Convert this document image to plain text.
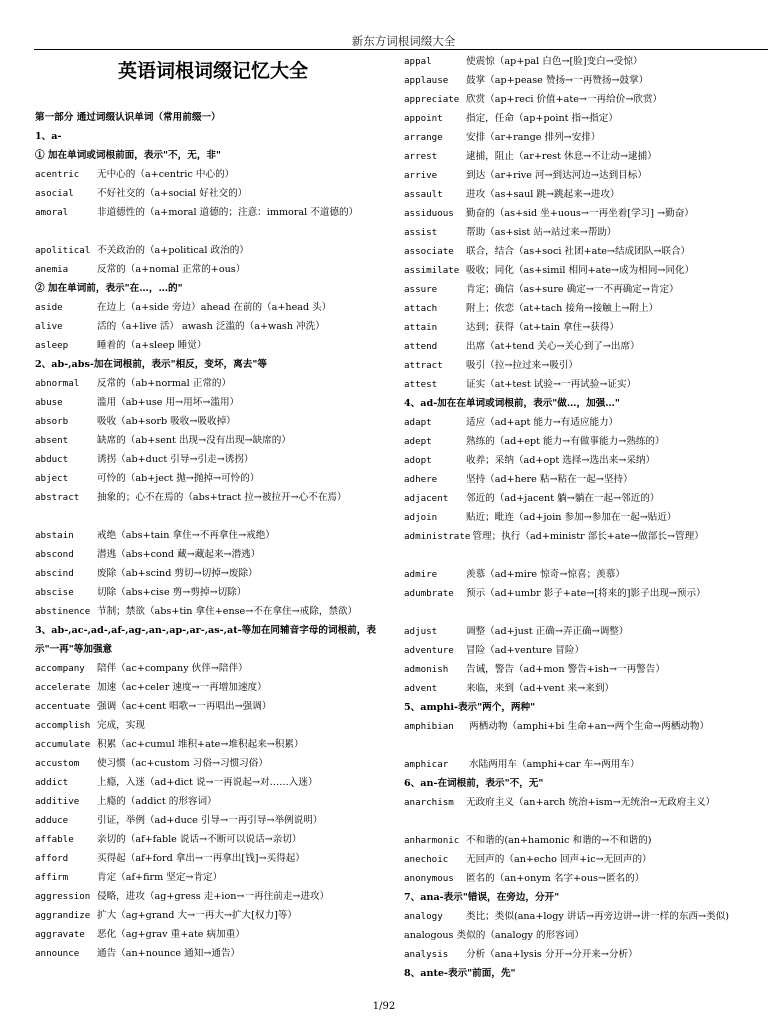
新东方词根词缀大全
英语词根词缀记忆大全
第一部分 通过词缀认识单词（常用前缀一）
1、a-
① 加在单词或词根前面，表示"不，无，非"
acentric 无中心的（a+centric 中心的）
asocial 不好社交的（a+social 好社交的）
amoral	非道德性的（a+moral 道德的；注意：immoral 不道德的）
apolitical 不关政治的（a+political 政治的）
anemia	反常的（a+nomal 正常的+ous）
② 加在单词前，表示"在…，…的"
aside	在边上（a+side 旁边）ahead 在前的（a+head 头）
alive	活的（a+live 活） awash 泛滥的（a+wash 冲洗）
asleep	睡着的（a+sleep 睡觉）
2、ab-,abs-加在词根前，表示"相反，变坏，离去"等
abnormal 反常的（ab+normal 正常的）
abuse	滥用（ab+use 用→用坏→滥用）
absorb	吸收（ab+sorb 吸收→吸收掉）
absent	缺席的（ab+sent 出现→没有出现→缺席的）
abduct	诱拐（ab+duct 引导→引走→诱拐）
abject	可怜的（ab+ject 抛→抛掉→可怜的）
abstract 抽象的；心不在焉的（abs+tract 拉→被拉开→心不在焉）
abstain 戒绝（abs+tain 拿住→不再拿住→戒绝）
abscond 潜逃（abs+cond 藏→藏起来→潜逃）
abscind 废除（ab+scind 剪切→切掉→废除）
abscise 切除（abs+cise 剪→剪掉→切除）
abstinence 节制；禁欲（abs+tin 拿住+ense→不在拿住→戒除，禁欲）
3、ab-,ac-,ad-,af-,ag-,an-,ap-,ar-,as-,at-等加在同辅音字母的词根前，表示"一再"等加强意
accompany 陪伴（ac+company 伙伴→陪伴）
accelerate 加速（ac+celer 速度→一再增加速度）
accentuate 强调（ac+cent 唱歌→一再唱出→强调）
accomplish 完成，实现
accumulate 积累（ac+cumul 堆积+ate→堆积起来→积累）
accustom 使习惯（ac+custom 习俗→习惯习俗）
addict	上瘾，入迷（ad+dict 说→一再说起→对……入迷）
additive 上瘾的（addict 的形容词）
adduce	引证，举例（ad+duce 引导→一再引导→举例说明）
affable 亲切的（af+fable 说话→不断可以说话→亲切）
afford	买得起（af+ford 拿出→一再拿出[钱]→买得起）
affirm	肯定（af+firm 坚定→肯定）
aggression 侵略，进攻（ag+gress 走+ion→一再往前走→进攻）
aggrandize 扩大（ag+grand 大→一再大→扩大[权力]等）
aggravate 恶化（ag+grav 重+ate 病加重）
announce 通告（an+nounce 通知→通告）
appal	使震惊（ap+pal 白色→[脸]变白→受惊）
applause 鼓掌（ap+pease 赞扬→一再赞扬→鼓掌）
appreciate 欣赏（ap+reci 价值+ate→一再给价→欣赏）
appoint 指定，任命（ap+point 指→指定）
arrange 安排（ar+range 排列→安排）
arrest	逮捕，阻止（ar+rest 休息→不让动→逮捕）
arrive	到达（ar+rive 河→到达河边→达到目标）
assault 进攻（as+saul 跳→跳起来→进攻）
assiduous 勤奋的（as+sid 坐+uous→一再坐着[学习] →勤奋）
assist	帮助（as+sist 站→站过来→帮助）
associate 联合，结合（as+soci 社团+ate→结成团队→联合）
assimilate 吸收；同化（as+simil 相同+ate→成为相同→同化）
assure	肯定；确信（as+sure 确定→一不再确定→肯定）
attach	附上；依恋（at+tach 接角→接触上→附上）
attain	达到；获得（at+tain 拿住→获得）
attend	出席（at+tend 关心→关心到了→出席）
attract 吸引（拉→拉过来→吸引）
attest	证实（at+test 试验→一再试验→证实）
4、ad-加在在单词或词根前，表示"做…，加强…"
adapt	适应（ad+apt 能力→有适应能力）
adept	熟练的（ad+ept 能力→有做事能力→熟练的）
adopt	收养；采纳（ad+opt 选择→选出来→采纳）
adhere	坚持（ad+here 粘→粘在一起→坚持）
adjacent 邻近的（ad+jacent 躺→躺在一起→邻近的）
adjoin	贴近；毗连（ad+join 参加→参加在一起→贴近）
administrate 管理；执行（ad+ministr 部长+ate→做部长→管理）
admire	羡慕（ad+mire 惊奇→惊喜；羡慕）
adumbrate 预示（ad+umbr 影子+ate→[将来的]影子出现→预示）
adjust	调整（ad+just 正确→弄正确→调整）
adventure 冒险（ad+venture 冒险）
admonish 告诫，警告（ad+mon 警告+ish→一再警告）
advent	来临，来到（ad+vent 来→来到）
5、amphi-表示"两个，两种"
amphibian 两栖动物（amphi+bi 生命+an→两个生命→两栖动物）
amphicar 水陆两用车（amphi+car 车→两用车）
6、an-在词根前，表示"不，无"
anarchism 无政府主义（an+arch 统治+ism→无统治→无政府主义）
anharmonic 不和谐的(an+hamonic 和谐的→不和谐的)
anechoic 无回声的（an+echo 回声+ic→无回声的）
anonymous 匿名的（an+onym 名字+ous→匿名的）
7、ana-表示"错误，在旁边，分开"
analogy 类比；类似(ana+logy 讲话→再旁边讲→讲一样的东西→类似) analogous 类似的（analogy 的形容词）
analysis 分析（ana+lysis 分开→分开来→分析）
8、ante-表示"前面，先"
1/92
